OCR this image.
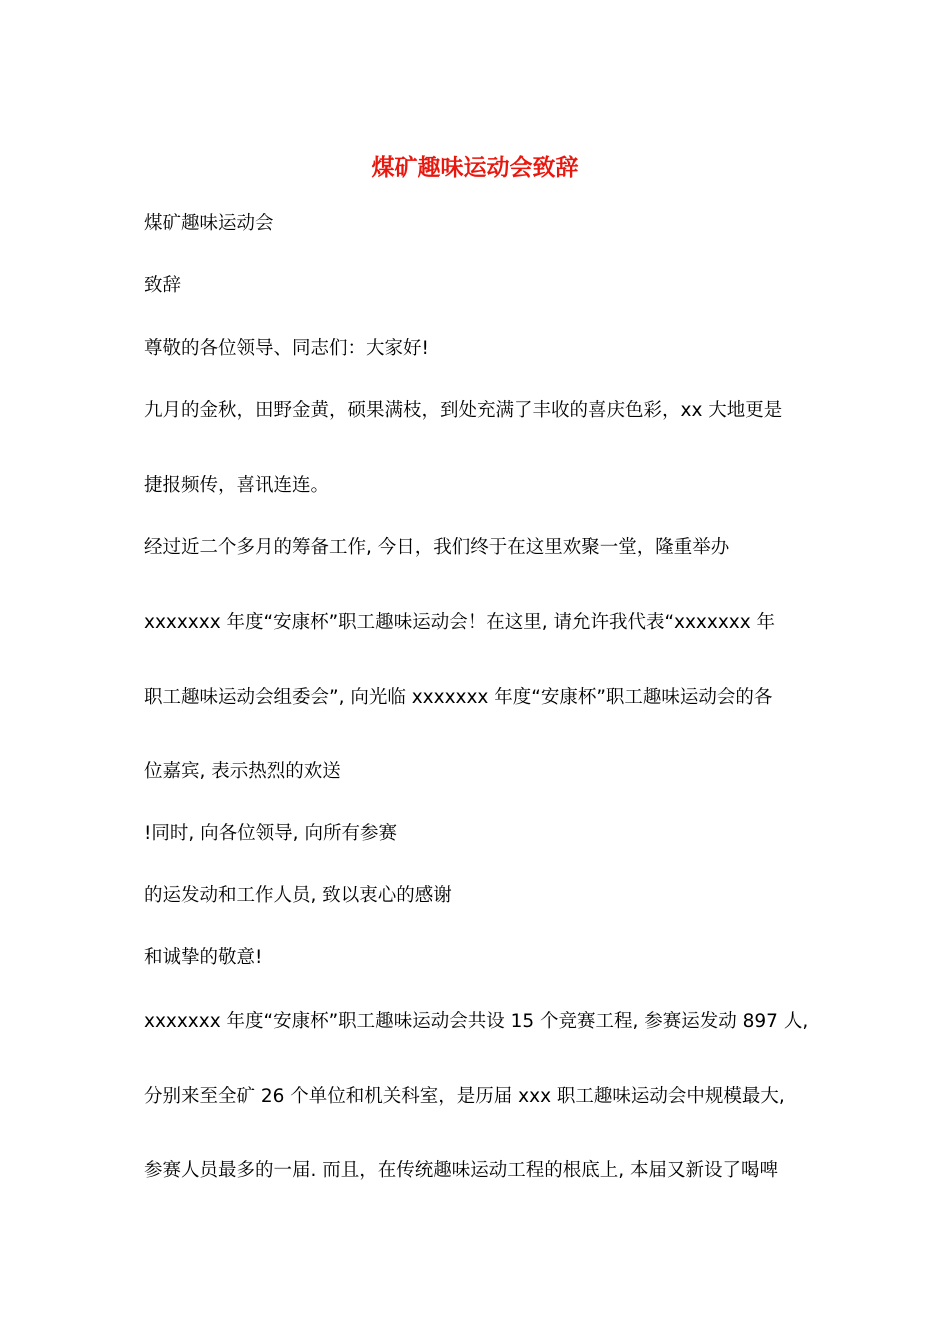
煤矿趣味运动会致辞
煤矿趣味运动会
致辞
尊敬的各位领导、同志们：大家好!
九月的金秋，田野金黄，硕果满枝，到处充满了丰收的喜庆色彩，xx 大地更是
捷报频传，喜讯连连。
经过近二个多月的筹备工作, 今日，我们终于在这里欢聚一堂，隆重举办
xxxxxxx 年度“安康杯”职工趣味运动会！在这里, 请允许我代表“xxxxxxx 年
职工趣味运动会组委会”, 向光临 xxxxxxx 年度“安康杯”职工趣味运动会的各
位嘉宾, 表示热烈的欢送
!同时, 向各位领导, 向所有参赛
的运发动和工作人员, 致以衷心的感谢
和诚挚的敬意!
xxxxxxx 年度“安康杯”职工趣味运动会共设 15 个竞赛工程, 参赛运发动 897 人,
分别来至全矿 26 个单位和机关科室，是历届 xxx 职工趣味运动会中规模最大,
参赛人员最多的一届. 而且，在传统趣味运动工程的根底上, 本届又新设了喝啤
